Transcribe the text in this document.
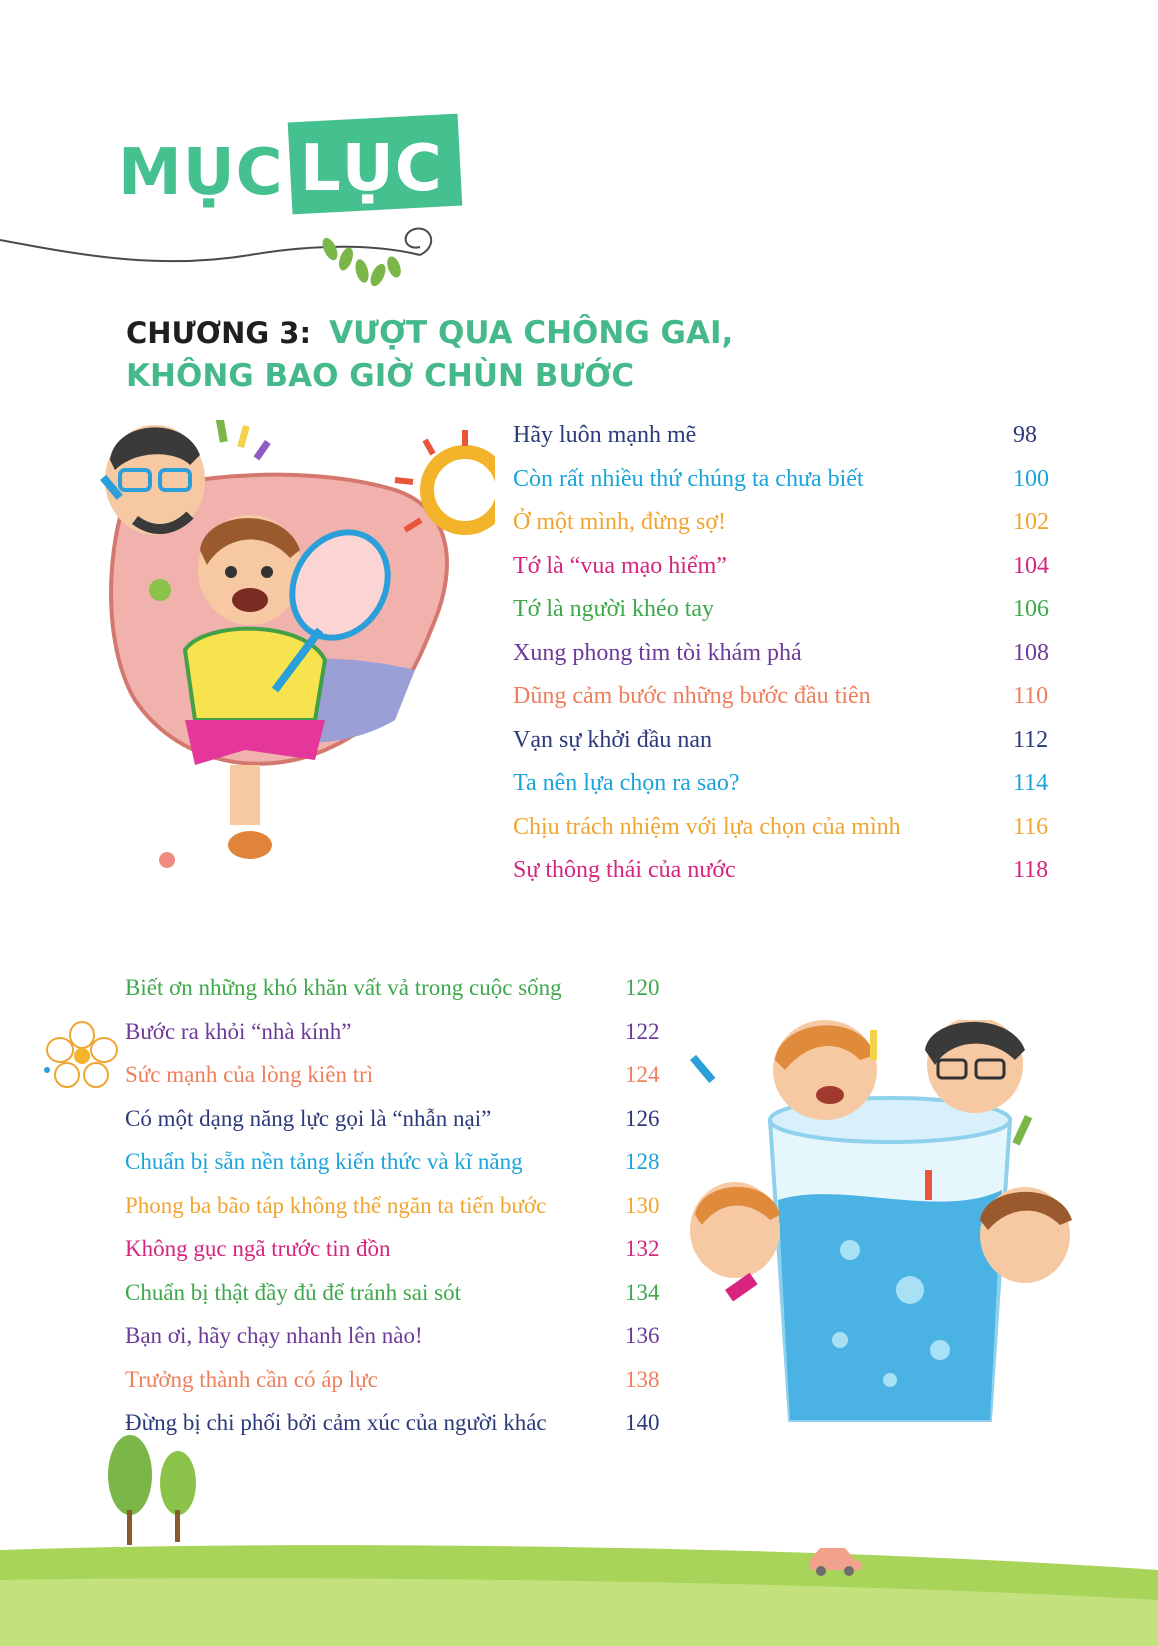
MỤC LỤC
CHƯƠNG 3: VƯỢT QUA CHÔNG GAI,
KHÔNG BAO GIỜ CHÙN BƯỚC
Hãy luôn mạnh mẽ	98
Còn rất nhiều thứ chúng ta chưa biết	100
Ở một mình, đừng sợ!	102
Tớ là “vua mạo hiểm”	104
Tớ là người khéo tay	106
Xung phong tìm tòi khám phá	108
Dũng cảm bước những bước đầu tiên	110
Vạn sự khởi đầu nan	112
Ta nên lựa chọn ra sao?	114
Chịu trách nhiệm với lựa chọn của mình	116
Sự thông thái của nước	118
Biết ơn những khó khăn vất vả trong cuộc sống	120
Bước ra khỏi “nhà kính”	122
Sức mạnh của lòng kiên trì	124
Có một dạng năng lực gọi là “nhẫn nại”	126
Chuẩn bị sẵn nền tảng kiến thức và kĩ năng	128
Phong ba bão táp không thể ngăn ta tiến bước	130
Không gục ngã trước tin đồn	132
Chuẩn bị thật đầy đủ để tránh sai sót	134
Bạn ơi, hãy chạy nhanh lên nào!	136
Trưởng thành cần có áp lực	138
Đừng bị chi phối bởi cảm xúc của người khác	140
